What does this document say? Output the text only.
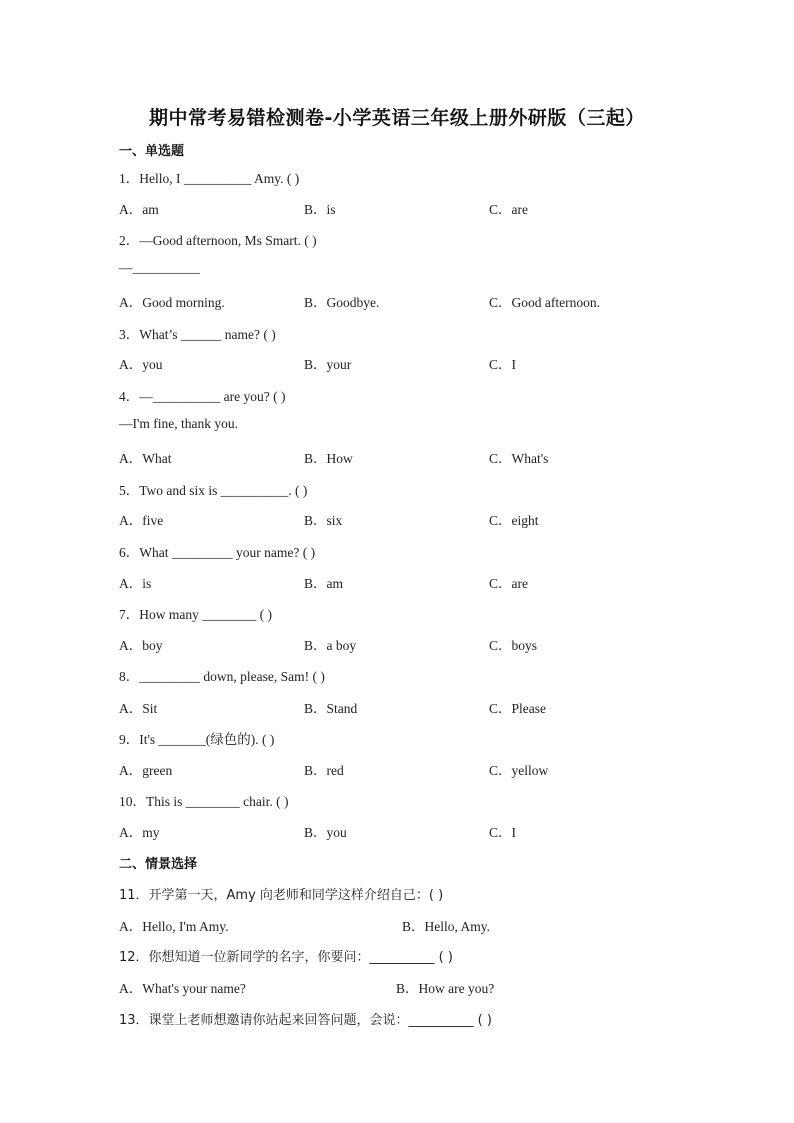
期中常考易错检测卷-小学英语三年级上册外研版（三起）
一、单选题
1．Hello, I __________ Amy. ( )
A．am	B．is	C．are
2．—Good afternoon, Ms Smart. ( )
—__________
A．Good morning.	B．Goodbye.	C．Good afternoon.
3．What’s ______ name? ( )
A．you	B．your	C．I
4．—__________ are you? ( )
—I'm fine, thank you.
A．What	B．How	C．What's
5．Two and six is __________. ( )
A．five	B．six	C．eight
6．What _________ your name? ( )
A．is	B．am	C．are
7．How many ________ ( )
A．boy	B．a boy	C．boys
8．_________ down, please, Sam! ( )
A．Sit	B．Stand	C．Please
9．It's _______(绿色的). ( )
A．green	B．red	C．yellow
10．This is ________ chair. ( )
A．my	B．you	C．I
二、情景选择
11．开学第一天，Amy 向老师和同学这样介绍自己：( )
A．Hello, I'm Amy.	B．Hello, Amy.
12．你想知道一位新同学的名字，你要问：__________ ( )
A．What's your name?	B．How are you?
13．课堂上老师想邀请你站起来回答问题，会说：__________ ( )
